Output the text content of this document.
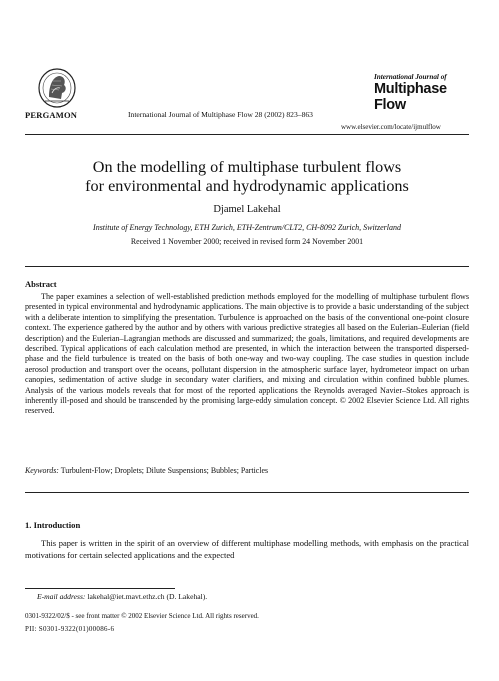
PERGAMON	International Journal of Multiphase Flow 28 (2002) 823–863
International Journal of
Multiphase
Flow
www.elsevier.com/locate/ijmulflow
On the modelling of multiphase turbulent flows
for environmental and hydrodynamic applications
Djamel Lakehal
Institute of Energy Technology, ETH Zurich, ETH-Zentrum/CLT2, CH-8092 Zurich, Switzerland
Received 1 November 2000; received in revised form 24 November 2001
Abstract
The paper examines a selection of well-established prediction methods employed for the modelling of multiphase turbulent flows presented in typical environmental and hydrodynamic applications. The main objective is to provide a basic understanding of the subject with a deliberate intention to simplifying the presentation. Turbulence is approached on the basis of the conventional one-point closure context. The experience gathered by the author and by others with various predictive strategies all based on the Eulerian–Eulerian (field description) and the Eulerian–Lagrangian methods are discussed and summarized; the goals, limitations, and required developments are described. Typical applications of each calculation method are presented, in which the interaction between the transported dispersed-phase and the field turbulence is treated on the basis of both one-way and two-way coupling. The case studies in question include aerosol production and transport over the oceans, pollutant dispersion in the atmospheric surface layer, hydrometeor impact on urban canopies, sedimentation of active sludge in secondary water clarifiers, and mixing and circulation within confined bubble plumes. Analysis of the various models reveals that for most of the reported applications the Reynolds averaged Navier–Stokes approach is inherently ill-posed and should be transcended by the promising large-eddy simulation concept. © 2002 Elsevier Science Ltd. All rights reserved.
Keywords: Turbulent-Flow; Droplets; Dilute Suspensions; Bubbles; Particles
1. Introduction
This paper is written in the spirit of an overview of different multiphase modelling methods, with emphasis on the practical motivations for certain selected applications and the expected
E-mail address: lakehal@iet.mavt.ethz.ch (D. Lakehal).
0301-9322/02/$ - see front matter © 2002 Elsevier Science Ltd. All rights reserved.
PII: S0301-9322(01)00086-6
